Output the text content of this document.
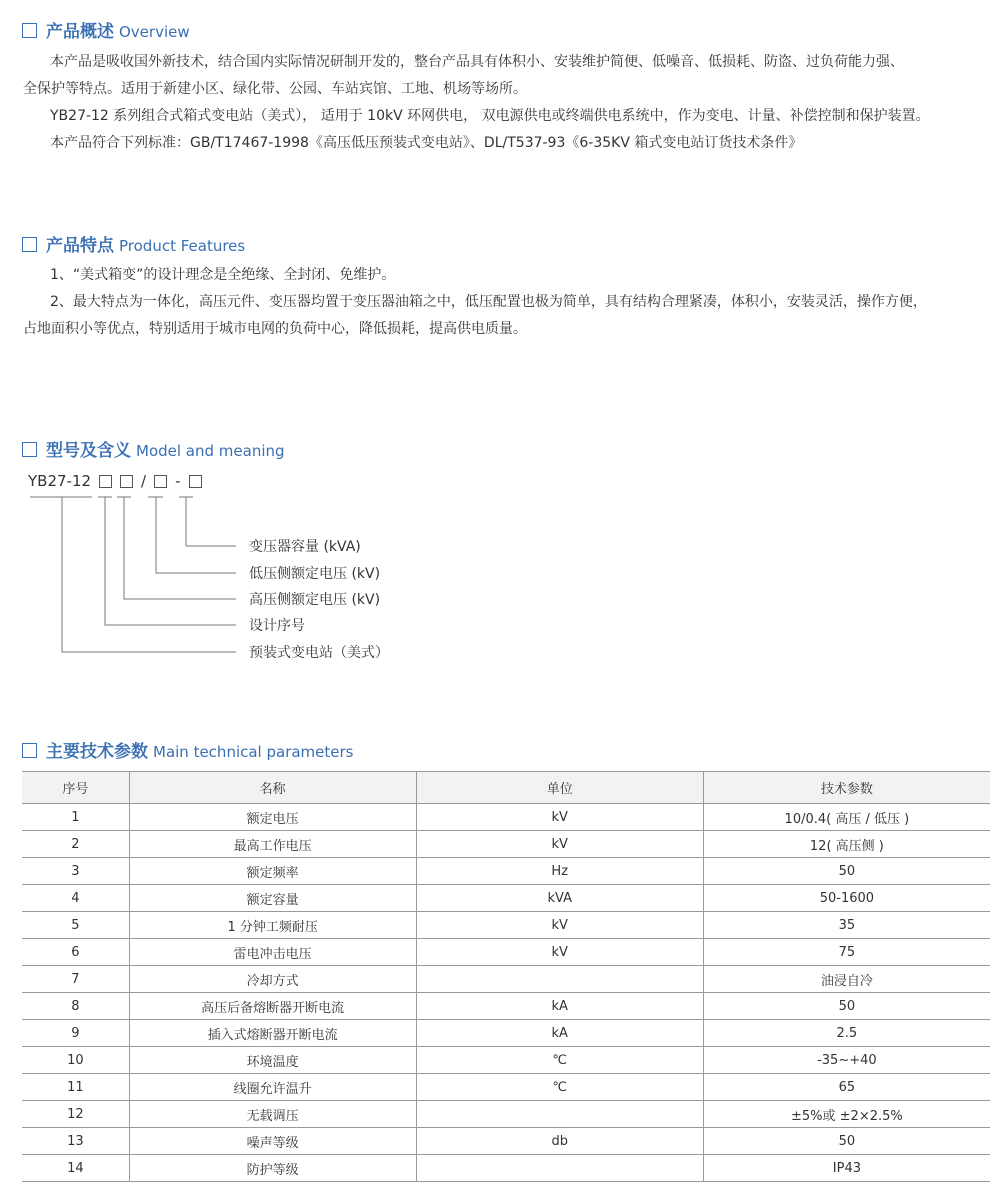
产品概述 Overview
本产品是吸收国外新技术，结合国内实际情况研制开发的，整台产品具有体积小、安装维护简便、低噪音、低损耗、防盗、过负荷能力强、
全保护等特点。适用于新建小区、绿化带、公园、车站宾馆、工地、机场等场所。
YB27-12 系列组合式箱式变电站（美式）， 适用于 10kV 环网供电， 双电源供电或终端供电系统中，作为变电、计量、补偿控制和保护装置。
本产品符合下列标准：GB/T17467-1998《高压低压预装式变电站》、DL/T537-93《6-35KV 箱式变电站订货技术条件》
产品特点 Product Features
1、“美式箱变”的设计理念是全绝缘、全封闭、免维护。
2、最大特点为一体化，高压元件、变压器均置于变压器油箱之中，低压配置也极为简单，具有结构合理紧凑，体积小，安装灵活，操作方便，
占地面积小等优点，特别适用于城市电网的负荷中心，降低损耗，提高供电质量。
型号及含义 Model and meaning
YB27-12	/ -
变压器容量 (kVA)
低压侧额定电压 (kV)
高压侧额定电压 (kV)
设计序号
预装式变电站（美式）
主要技术参数 Main technical parameters
序号	名称	单位	技术参数
1	额定电压	kV	10/0.4( 高压 / 低压 )
2	最高工作电压	kV	12( 高压侧 )
3	额定频率	Hz	50
4	额定容量	kVA	50-1600
5	1 分钟工频耐压	kV	35
6	雷电冲击电压	kV	75
7	冷却方式		油浸自冷
8	高压后备熔断器开断电流	kA	50
9	插入式熔断器开断电流	kA	2.5
10	环境温度	℃	-35~+40
11	线圈允许温升	℃	65
12	无载调压		±5%或 ±2×2.5%
13	噪声等级	db	50
14	防护等级		IP43
